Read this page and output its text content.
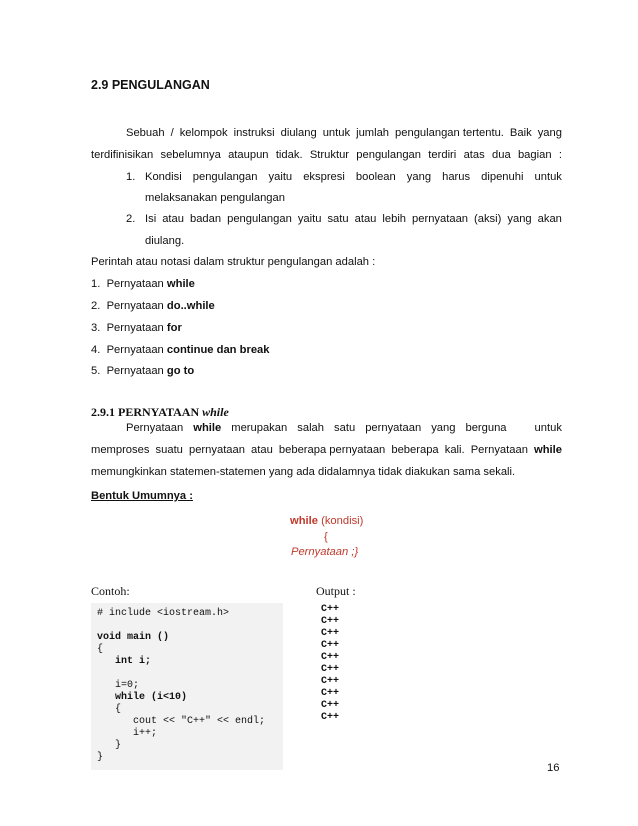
2.9 PENGULANGAN
Sebuah / kelompok instruksi diulang untuk jumlah pengulangan tertentu. Baik yang
terdifinisikan sebelumnya ataupun tidak. Struktur pengulangan terdiri atas dua bagian :
1. Kondisi pengulangan yaitu ekspresi boolean yang harus dipenuhi untuk
melaksanakan pengulangan
2. Isi atau badan pengulangan yaitu satu atau lebih pernyataan (aksi) yang akan
diulang.
Perintah atau notasi dalam struktur pengulangan adalah :
1. Pernyataan while
2. Pernyataan do..while
3. Pernyataan for
4. Pernyataan continue dan break
5. Pernyataan go to
2.9.1 PERNYATAAN while
Pernyataan while merupakan salah satu pernyataan yang berguna	untuk
memproses suatu pernyataan atau beberapa pernyataan beberapa kali. Pernyataan while
memungkinkan statemen-statemen yang ada didalamnya tidak diakukan sama sekali.
Bentuk Umumnya :
while (kondisi)
{
Pernyataan ;}
Contoh:	Output :
# include <iostream.h>
void main ()
{
int i;
i=0;
while (i<10)
{
cout << "C++" << endl;
i++;
}
}
C++
C++
C++
C++
C++
C++
C++
C++
C++
C++
16
